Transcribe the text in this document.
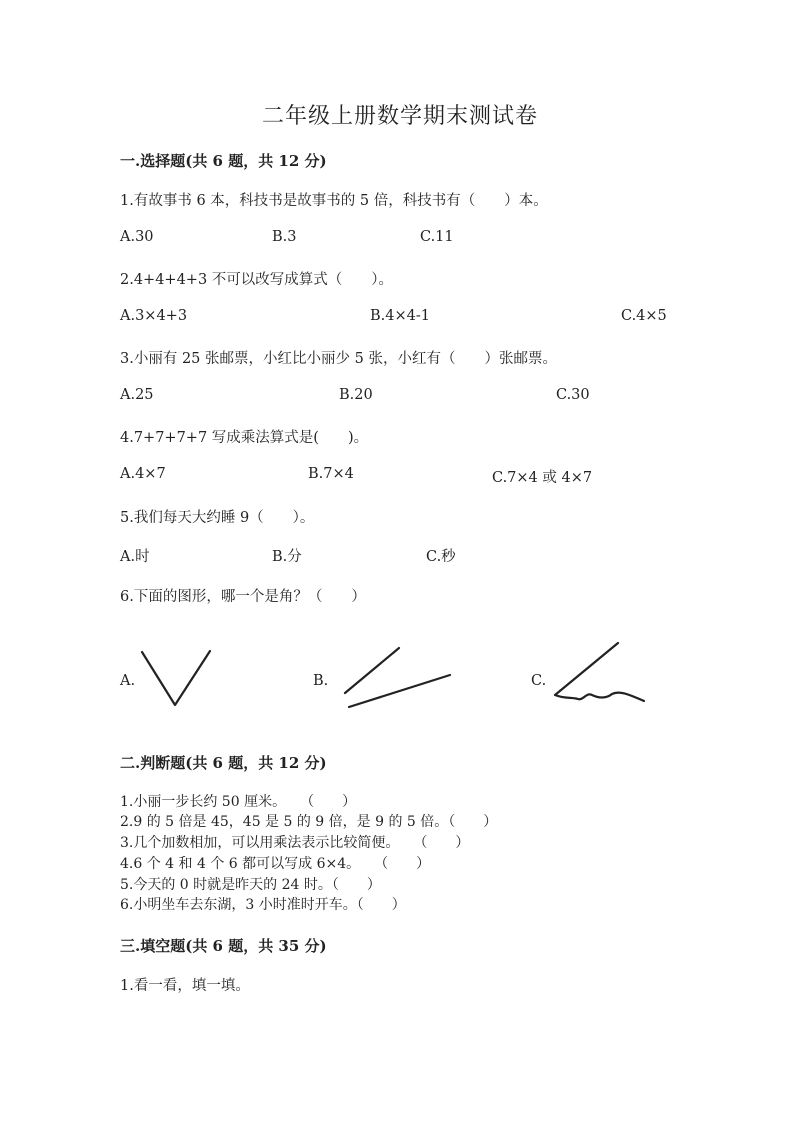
二年级上册数学期末测试卷
一.选择题(共 6 题，共 12 分)
1.有故事书 6 本，科技书是故事书的 5 倍，科技书有（　　）本。
A.30	B.3	C.11
2.4+4+4+3 不可以改写成算式（　　）。
A.3×4+3	B.4×4-1	C.4×5
3.小丽有 25 张邮票，小红比小丽少 5 张，小红有（　　）张邮票。
A.25	B.20	C.30
4.7+7+7+7 写成乘法算式是(　　)。
A.4×7	B.7×4	C.7×4 或 4×7
5.我们每天大约睡 9（　　）。
A.时	B.分	C.秒
6.下面的图形，哪一个是角？（　　）
A.	B.	C.
二.判断题(共 6 题，共 12 分)
1.小丽一步长约 50 厘米。　　（　　）
2.9 的 5 倍是 45，45 是 5 的 9 倍，是 9 的 5 倍。（　　）
3.几个加数相加，可以用乘法表示比较简便。　　（　　）
4.6 个 4 和 4 个 6 都可以写成 6×4。　　（　　）
5.今天的 0 时就是昨天的 24 时。（　　）
6.小明坐车去东湖，3 小时准时开车。（　　）
三.填空题(共 6 题，共 35 分)
1.看一看，填一填。
